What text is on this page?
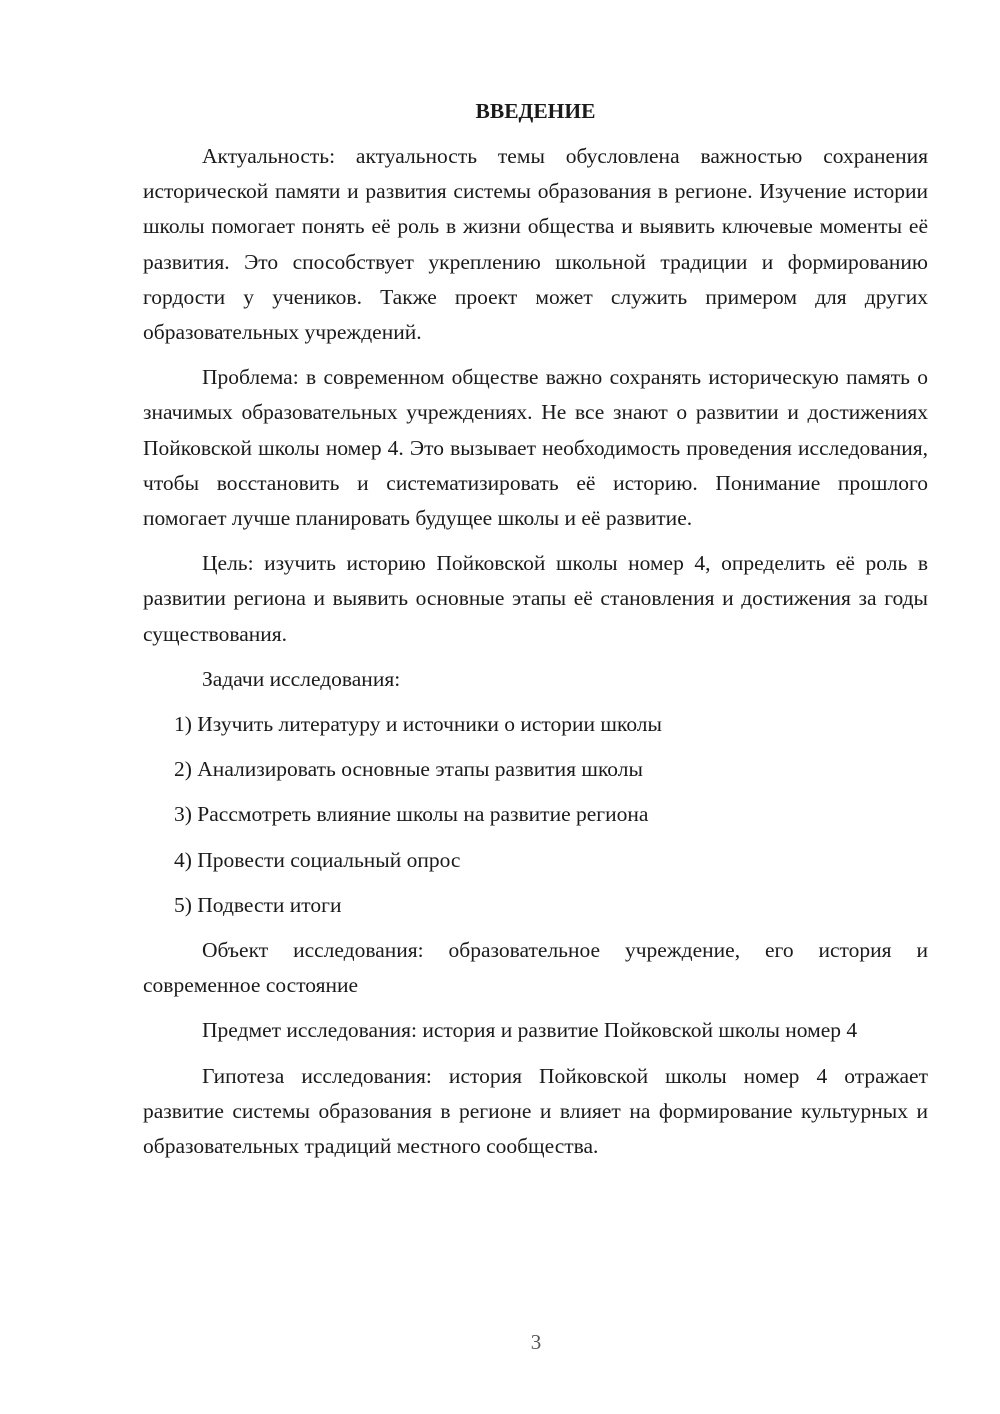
ВВЕДЕНИЕ

Актуальность: актуальность темы обусловлена важностью сохранения исторической памяти и развития системы образования в регионе. Изучение истории школы помогает понять её роль в жизни общества и выявить ключевые моменты её развития. Это способствует укреплению школьной традиции и формированию гордости у учеников. Также проект может служить примером для других образовательных учреждений.

Проблема: в современном обществе важно сохранять историческую память о значимых образовательных учреждениях. Не все знают о развитии и достижениях Пойковской школы номер 4. Это вызывает необходимость проведения исследования, чтобы восстановить и систематизировать её историю. Понимание прошлого помогает лучше планировать будущее школы и её развитие.

Цель: изучить историю Пойковской школы номер 4, определить её роль в развитии региона и выявить основные этапы её становления и достижения за годы существования.

Задачи исследования:
1) Изучить литературу и источники о истории школы
2) Анализировать основные этапы развития школы
3) Рассмотреть влияние школы на развитие региона
4) Провести социальный опрос
5) Подвести итоги

Объект исследования: образовательное учреждение, его история и современное состояние

Предмет исследования: история и развитие Пойковской школы номер 4

Гипотеза исследования: история Пойковской школы номер 4 отражает развитие системы образования в регионе и влияет на формирование культурных и образовательных традиций местного сообщества.

3
